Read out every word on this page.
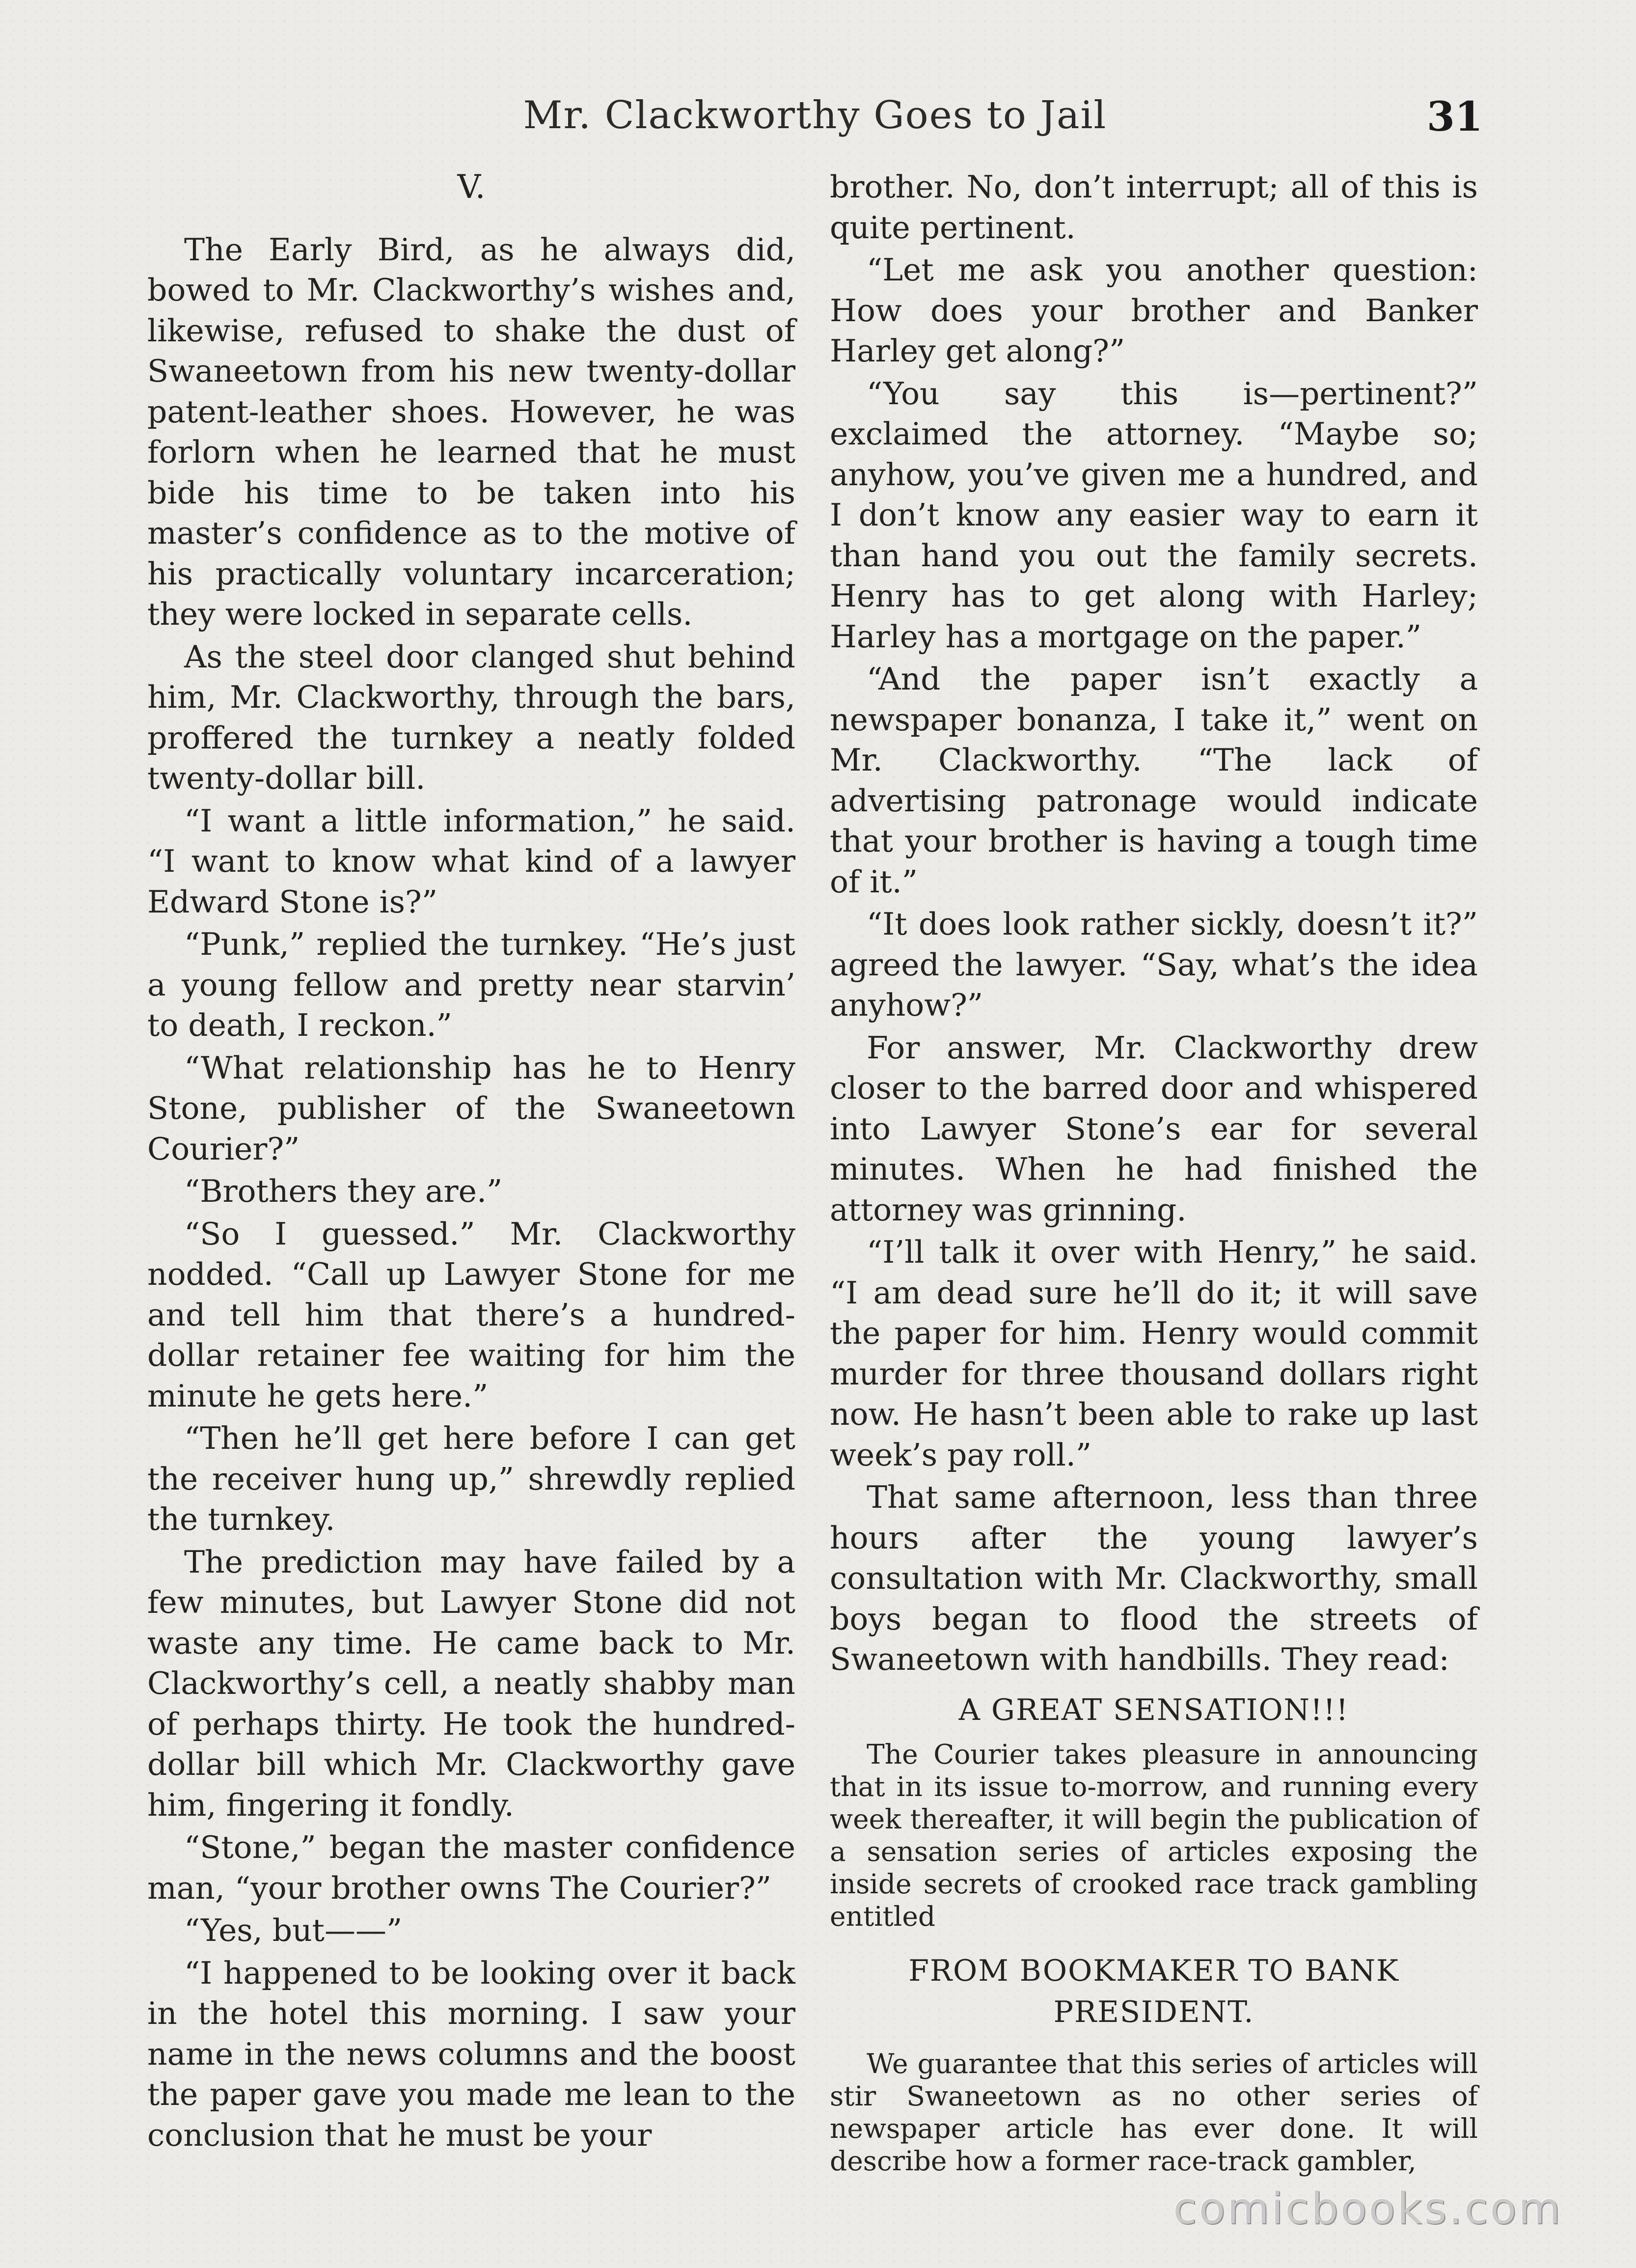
Mr. Clackworthy Goes to Jail	31
V.

The Early Bird, as he always did, bowed to Mr. Clackworthy’s wishes and, likewise, refused to shake the dust of Swaneetown from his new twenty-dollar patent-leather shoes. However, he was forlorn when he learned that he must bide his time to be taken into his master’s confidence as to the motive of his practically voluntary incarceration; they were locked in separate cells.

As the steel door clanged shut behind him, Mr. Clackworthy, through the bars, proffered the turnkey a neatly folded twenty-dollar bill.

“I want a little information,” he said. “I want to know what kind of a lawyer Edward Stone is?”

“Punk,” replied the turnkey. “He’s just a young fellow and pretty near starvin’ to death, I reckon.”

“What relationship has he to Henry Stone, publisher of the Swaneetown Courier?”

“Brothers they are.”

“So I guessed.” Mr. Clackworthy nodded. “Call up Lawyer Stone for me and tell him that there’s a hundred-dollar retainer fee waiting for him the minute he gets here.”

“Then he’ll get here before I can get the receiver hung up,” shrewdly replied the turnkey.

The prediction may have failed by a few minutes, but Lawyer Stone did not waste any time. He came back to Mr. Clackworthy’s cell, a neatly shabby man of perhaps thirty. He took the hundred-dollar bill which Mr. Clackworthy gave him, fingering it fondly.

“Stone,” began the master confidence man, “your brother owns The Courier?”

“Yes, but——”

“I happened to be looking over it back in the hotel this morning. I saw your name in the news columns and the boost the paper gave you made me lean to the conclusion that he must be your

brother. No, don’t interrupt; all of this is quite pertinent.

“Let me ask you another question: How does your brother and Banker Harley get along?”

“You say this is—pertinent?” exclaimed the attorney. “Maybe so; anyhow, you’ve given me a hundred, and I don’t know any easier way to earn it than hand you out the family secrets. Henry has to get along with Harley; Harley has a mortgage on the paper.”

“And the paper isn’t exactly a newspaper bonanza, I take it,” went on Mr. Clackworthy. “The lack of advertising patronage would indicate that your brother is having a tough time of it.”

“It does look rather sickly, doesn’t it?” agreed the lawyer. “Say, what’s the idea anyhow?”

For answer, Mr. Clackworthy drew closer to the barred door and whispered into Lawyer Stone’s ear for several minutes. When he had finished the attorney was grinning.

“I’ll talk it over with Henry,” he said. “I am dead sure he’ll do it; it will save the paper for him. Henry would commit murder for three thousand dollars right now. He hasn’t been able to rake up last week’s pay roll.”

That same afternoon, less than three hours after the young lawyer’s consultation with Mr. Clackworthy, small boys began to flood the streets of Swaneetown with handbills. They read:

A GREAT SENSATION!!!

The Courier takes pleasure in announcing that in its issue to-morrow, and running every week thereafter, it will begin the publication of a sensation series of articles exposing the inside secrets of crooked race track gambling entitled

FROM BOOKMAKER TO BANK PRESIDENT.

We guarantee that this series of articles will stir Swaneetown as no other series of newspaper article has ever done. It will describe how a former race-track gambler,

comicbooks.com
